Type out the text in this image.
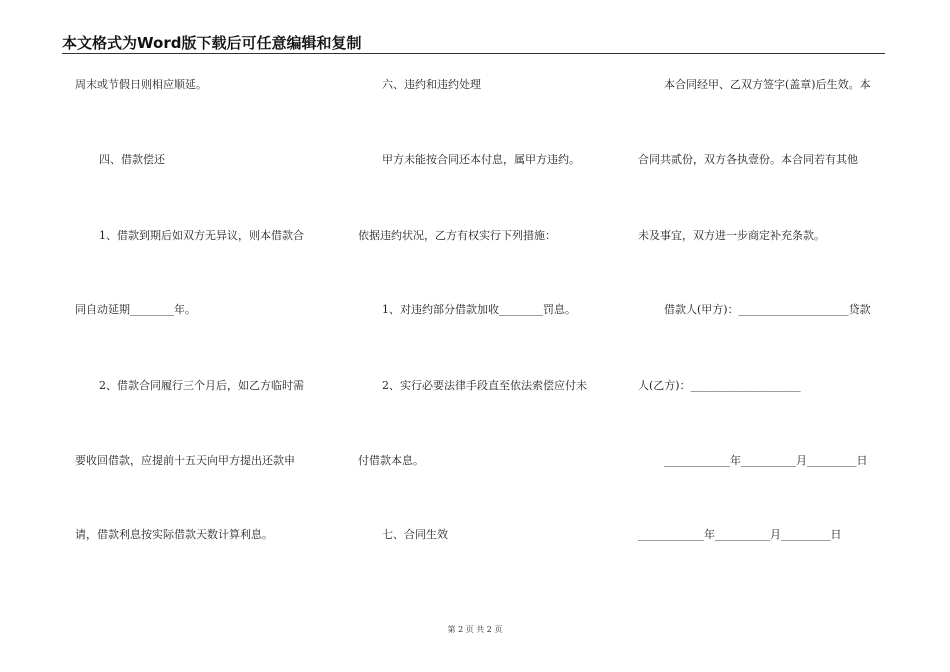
本文格式为Word版下载后可任意编辑和复制
周末或节假日则相应顺延。
四、借款偿还
1、借款到期后如双方无异议，则本借款合
同自动延期________年。
2、借款合同履行三个月后，如乙方临时需
要收回借款，应提前十五天向甲方提出还款申
请，借款利息按实际借款天数计算利息。
六、违约和违约处理
甲方未能按合同还本付息，属甲方违约。
依据违约状况，乙方有权实行下列措施：
1、对违约部分借款加收________罚息。
2、实行必要法律手段直至依法索偿应付未
付借款本息。
七、合同生效
本合同经甲、乙双方签字(盖章)后生效。本
合同共贰份，双方各执壹份。本合同若有其他
未及事宜，双方进一步商定补充条款。
借款人(甲方)：____________________贷款
人(乙方)：____________________
____________年__________月_________日
____________年__________月_________日
第 2 页 共 2 页
